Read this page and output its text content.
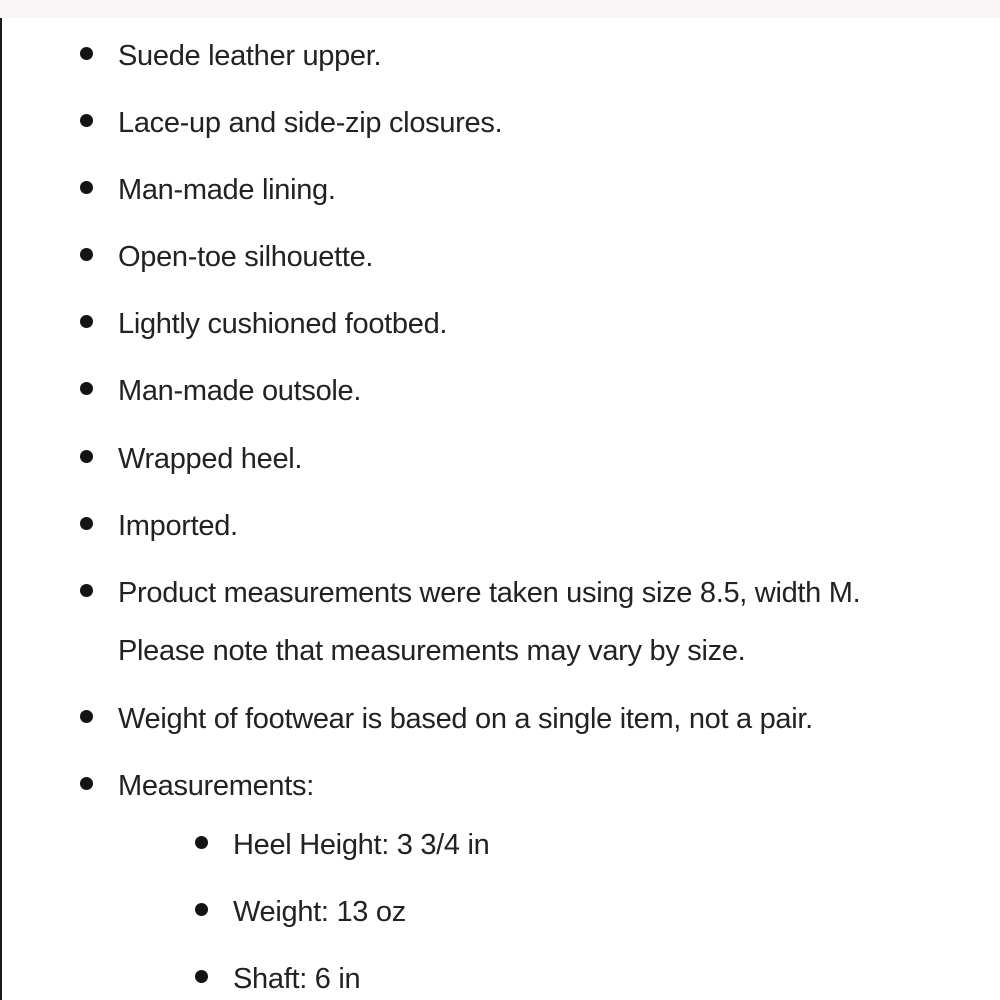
Suede leather upper.
Lace-up and side-zip closures.
Man-made lining.
Open-toe silhouette.
Lightly cushioned footbed.
Man-made outsole.
Wrapped heel.
Imported.
Product measurements were taken using size 8.5, width M.
Please note that measurements may vary by size.
Weight of footwear is based on a single item, not a pair.
Measurements:
Heel Height: 3 3/4 in
Weight: 13 oz
Shaft: 6 in
